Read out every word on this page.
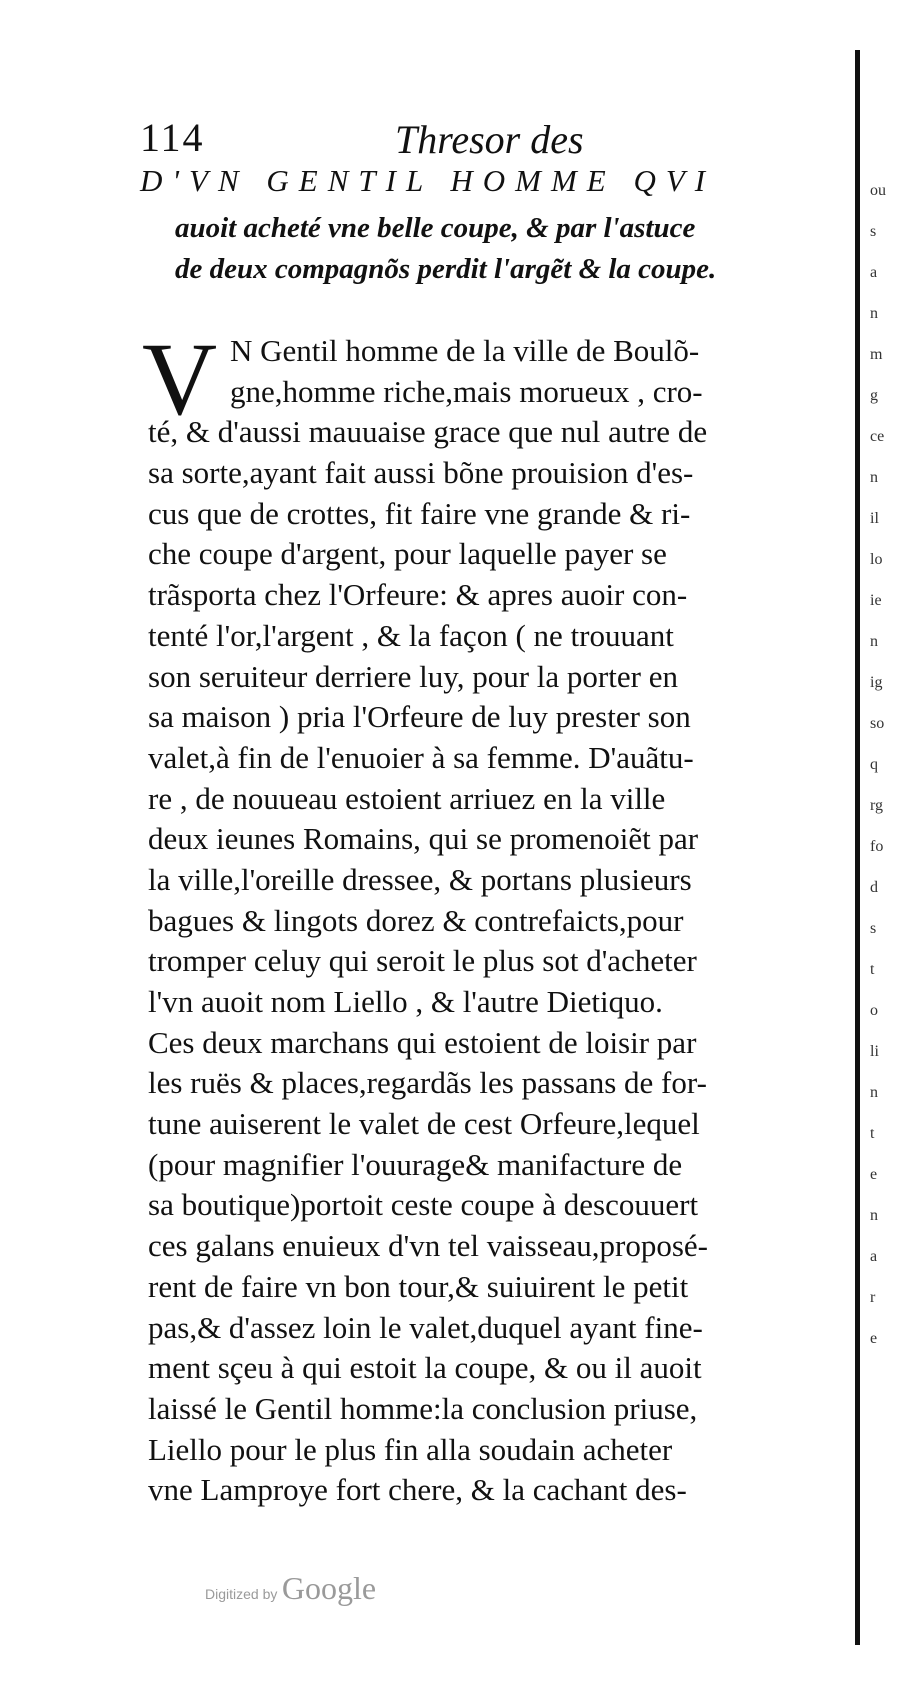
114	Thresor des
D'VN GENTIL HOMME QVI
auoit acheté vne belle coupe, & par l'astuce
de deux compagnõs perdit l'argẽt & la coupe.
V N Gentil homme de la ville de Boulõ-
gne,homme riche,mais morueux , cro-
té, & d'aussi mauuaise grace que nul autre de
sa sorte,ayant fait aussi bõne prouision d'es-
cus que de crottes, fit faire vne grande & ri-
che coupe d'argent, pour laquelle payer se
trãsporta chez l'Orfeure: & apres auoir con-
tenté l'or,l'argent , & la façon ( ne trouuant
son seruiteur derriere luy, pour la porter en
sa maison ) pria l'Orfeure de luy prester son
valet,à fin de l'enuoier à sa femme. D'auãtu-
re , de nouueau estoient arriuez en la ville
deux ieunes Romains, qui se promenoiẽt par
la ville,l'oreille dressee, & portans plusieurs
bagues & lingots dorez & contrefaicts,pour
tromper celuy qui seroit le plus sot d'acheter
l'vn auoit nom Liello , & l'autre Dietiquo.
Ces deux marchans qui estoient de loisir par
les ruës & places,regardãs les passans de for-
tune auiserent le valet de cest Orfeure,lequel
(pour magnifier l'ouurage& manifacture de
sa boutique)portoit ceste coupe à descouuert
ces galans enuieux d'vn tel vaisseau,proposé-
rent de faire vn bon tour,& suiuirent le petit
pas,& d'assez loin le valet,duquel ayant fine-
ment sçeu à qui estoit la coupe, & ou il auoit
laissé le Gentil homme:la conclusion priuse,
Liello pour le plus fin alla soudain acheter
vne Lamproye fort chere, & la cachant des-
ou
s
a
n
m
g
ce
n
il
lo
ie
n
ig
so
q
rg
fo
d
s
t
o
li
n
t
e
n
a
r
e
Digitized by Google
